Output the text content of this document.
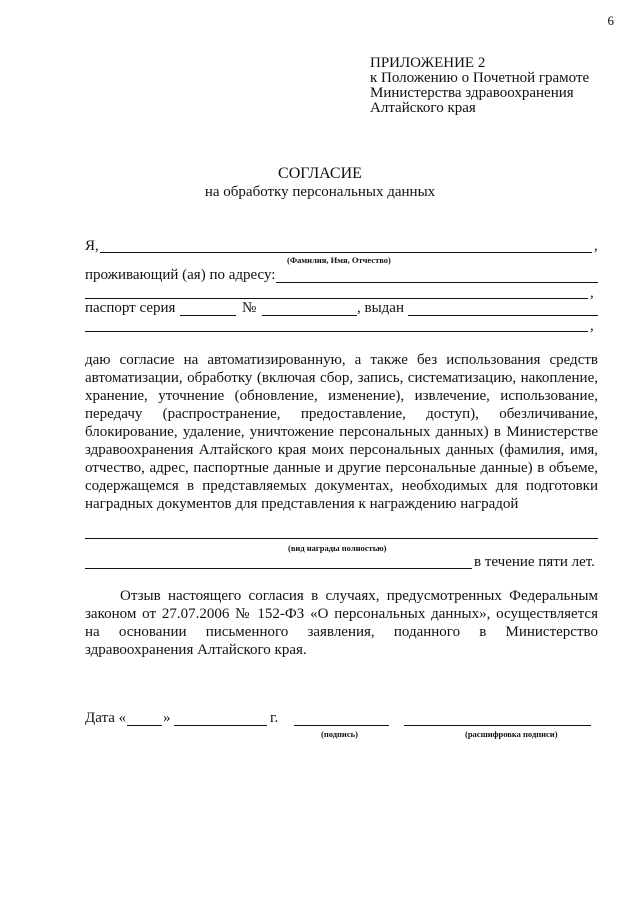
6
ПРИЛОЖЕНИЕ 2
к Положению о Почетной грамоте
Министерства здравоохранения
Алтайского края
СОГЛАСИЕ
на обработку персональных данных
Я,	,
(Фамилия, Имя, Отчество)
проживающий (ая) по адресу:
,
паспорт серия	№	, выдан
,
даю согласие на автоматизированную, а также без использования средств
автоматизации, обработку (включая сбор, запись, систематизацию, накопление,
хранение, уточнение (обновление, изменение), извлечение, использование,
передачу (распространение, предоставление, доступ), обезличивание,
блокирование, удаление, уничтожение персональных данных) в Министерстве
здравоохранения Алтайского края моих персональных данных (фамилия, имя,
отчество, адрес, паспортные данные и другие персональные данные) в объеме,
содержащемся в представляемых документах, необходимых для подготовки
наградных документов для представления к награждению наградой
(вид награды полностью)
в течение пяти лет.
Отзыв настоящего согласия в случаях, предусмотренных Федеральным
законом от 27.07.2006 № 152-ФЗ «О персональных данных», осуществляется
на основании письменного заявления, поданного в Министерство
здравоохранения Алтайского края.
Дата « »	г.
(подпись)	(расшифровка подписи)
